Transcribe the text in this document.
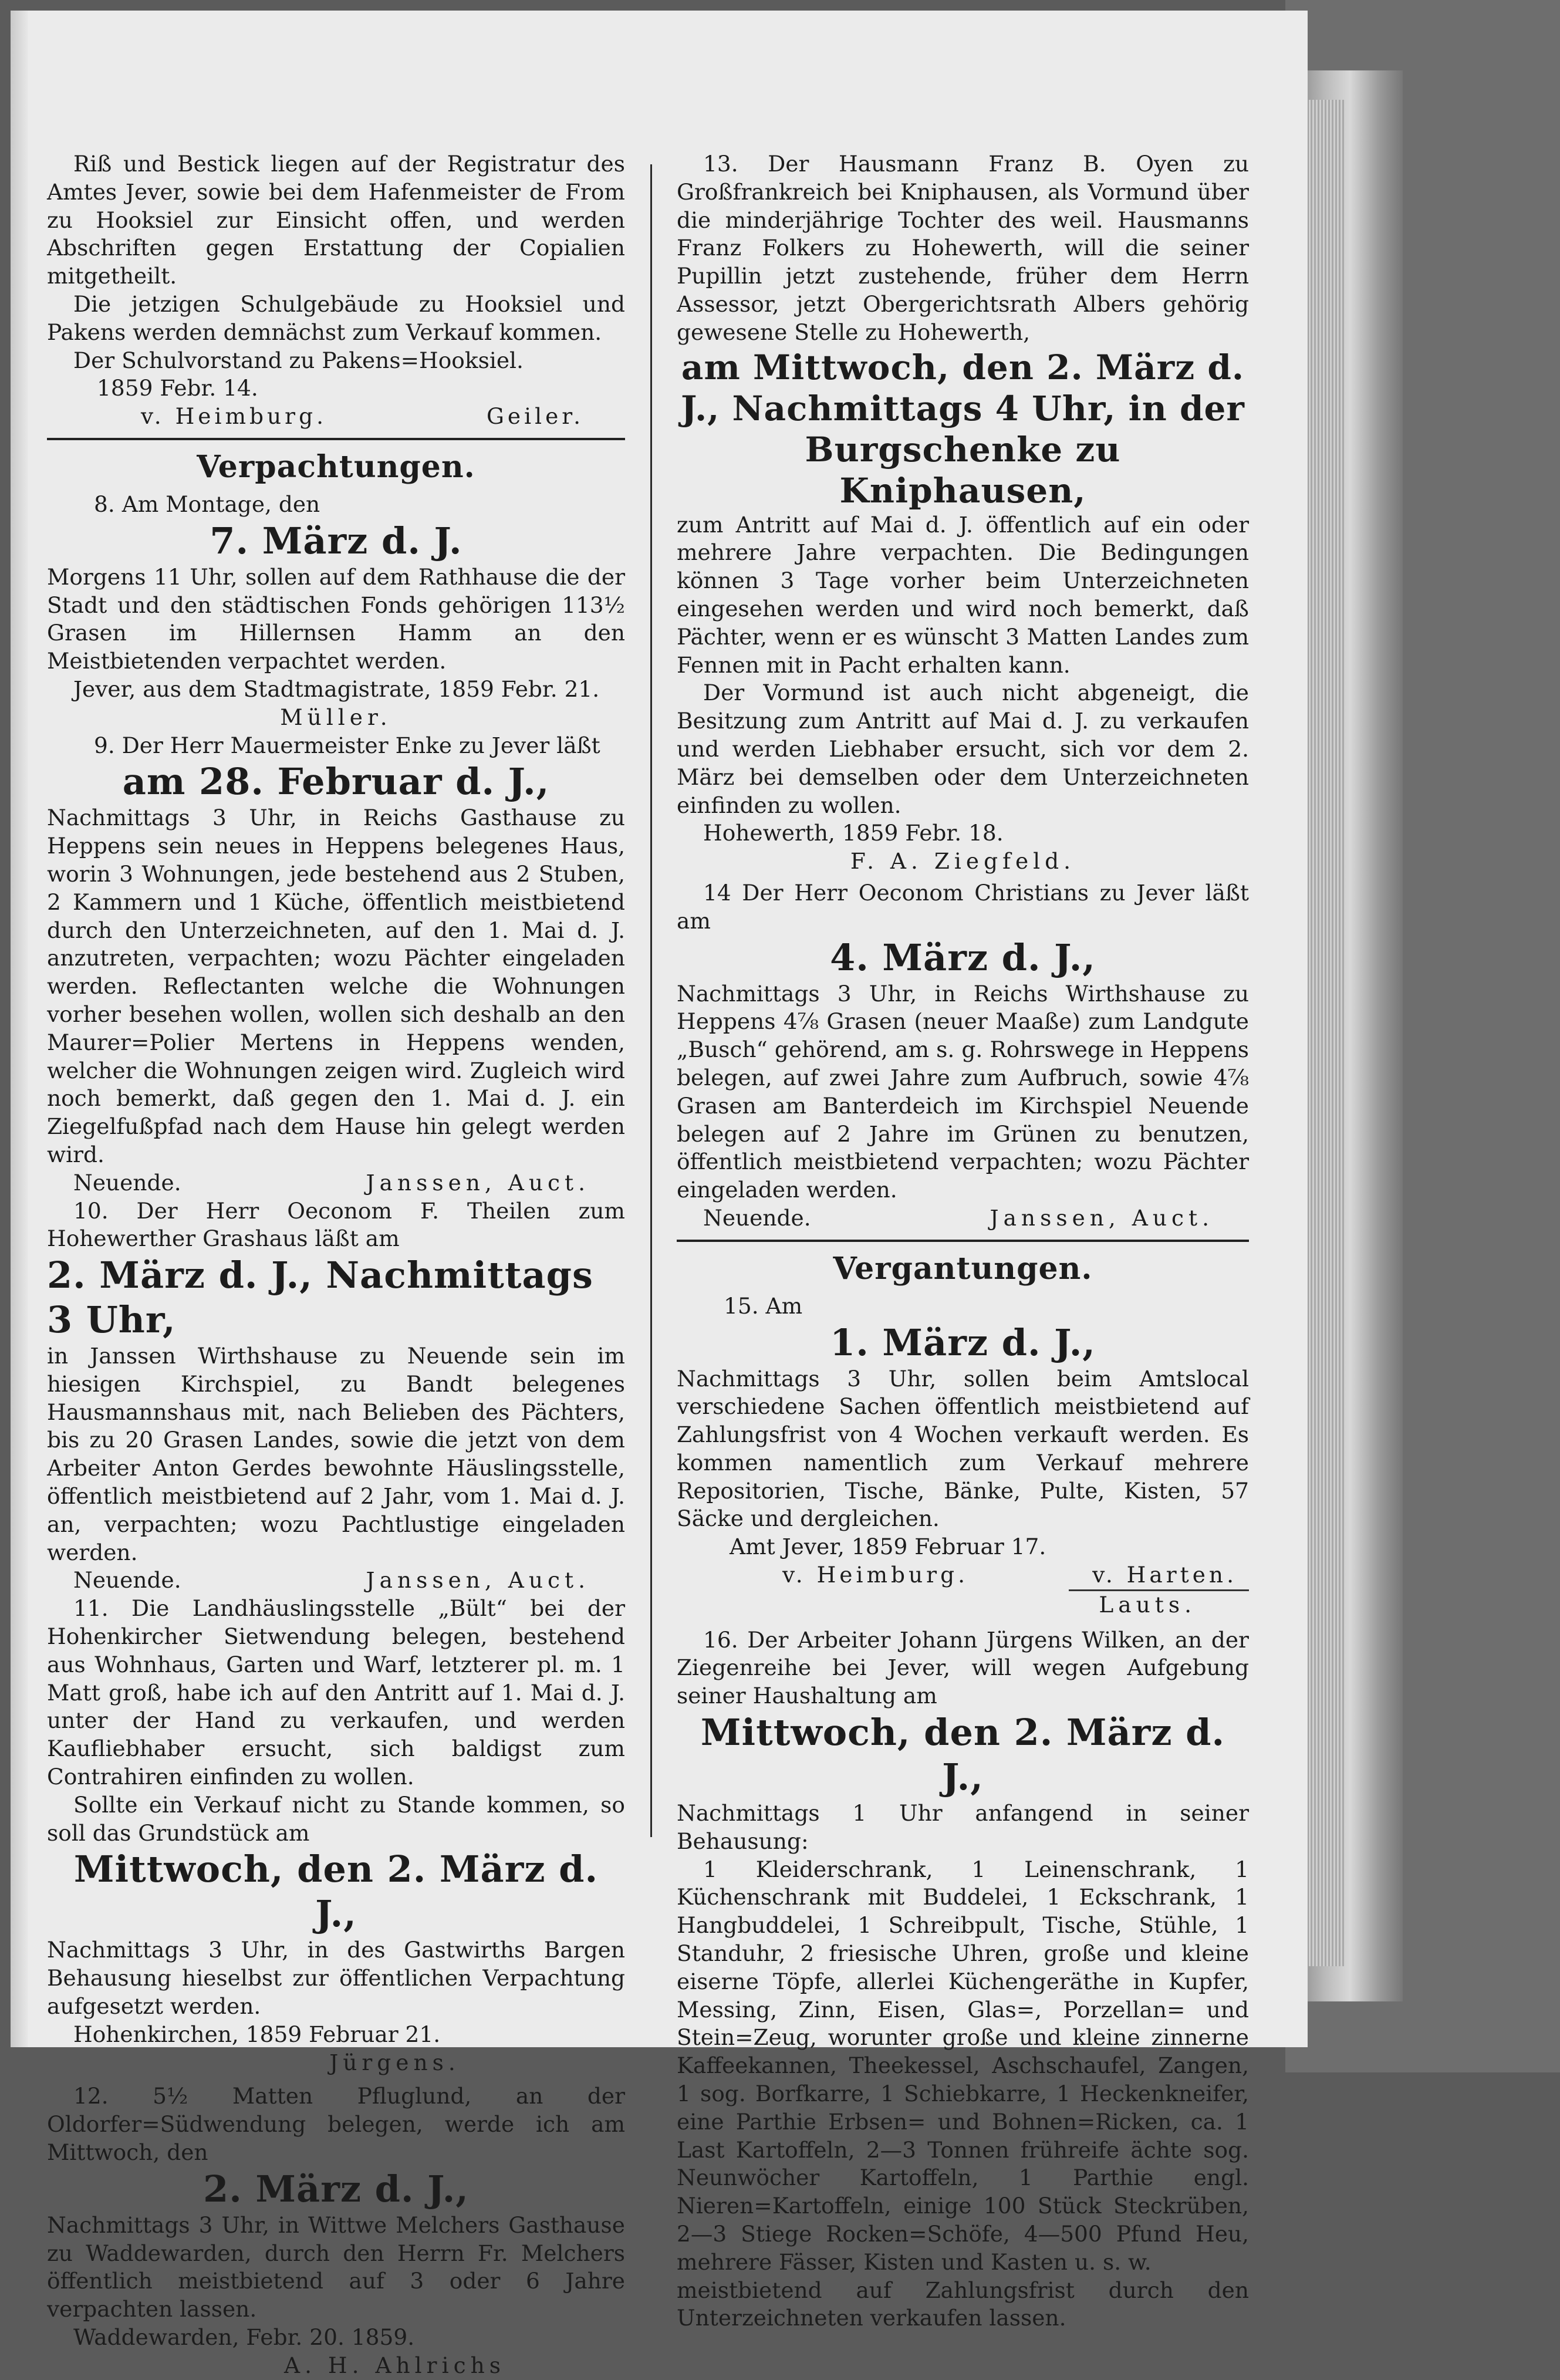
Riß und Bestick liegen auf der Registratur des Amtes Jever, sowie bei dem Hafenmeister de From zu Hooksiel zur Einsicht offen, und werden Abschriften gegen Erstattung der Copialien mitgetheilt.

Die jetzigen Schulgebäude zu Hooksiel und Pakens werden demnächst zum Verkauf kommen.

Der Schulvorstand zu Pakens=Hooksiel.

1859 Febr. 14.

v. Heimburg.	Geiler.
Verpachtungen.

8. Am Montage, den

7. März d. J.

Morgens 11 Uhr, sollen auf dem Rathhause die der Stadt und den städtischen Fonds gehörigen 113½ Grasen im Hillernsen Hamm an den Meistbietenden verpachtet werden.

Jever, aus dem Stadtmagistrate, 1859 Febr. 21.

Müller.

9. Der Herr Mauermeister Enke zu Jever läßt

am 28. Februar d. J.,

Nachmittags 3 Uhr, in Reichs Gasthause zu Heppens sein neues in Heppens belegenes Haus, worin 3 Wohnungen, jede bestehend aus 2 Stuben, 2 Kammern und 1 Küche, öffentlich meistbietend durch den Unterzeichneten, auf den 1. Mai d. J. anzutreten, verpachten; wozu Pächter eingeladen werden. Reflectanten welche die Wohnungen vorher besehen wollen, wollen sich deshalb an den Maurer=Polier Mertens in Heppens wenden, welcher die Wohnungen zeigen wird. Zugleich wird noch bemerkt, daß gegen den 1. Mai d. J. ein Ziegelfußpfad nach dem Hause hin gelegt werden wird.

Neuende.	Janssen, Auct.

10. Der Herr Oeconom F. Theilen zum Hohewerther Grashaus läßt am

2. März d. J., Nachmittags 3 Uhr,

in Janssen Wirthshause zu Neuende sein im hiesigen Kirchspiel, zu Bandt belegenes Hausmannshaus mit, nach Belieben des Pächters, bis zu 20 Grasen Landes, sowie die jetzt von dem Arbeiter Anton Gerdes bewohnte Häuslingsstelle, öffentlich meistbietend auf 2 Jahr, vom 1. Mai d. J. an, verpachten; wozu Pachtlustige eingeladen werden.

Neuende.	Janssen, Auct.

11. Die Landhäuslingsstelle „Bült“ bei der Hohenkircher Sietwendung belegen, bestehend aus Wohnhaus, Garten und Warf, letzterer pl. m. 1 Matt groß, habe ich auf den Antritt auf 1. Mai d. J. unter der Hand zu verkaufen, und werden Kaufliebhaber ersucht, sich baldigst zum Contrahiren einfinden zu wollen.

Sollte ein Verkauf nicht zu Stande kommen, so soll das Grundstück am

Mittwoch, den 2. März d. J.,

Nachmittags 3 Uhr, in des Gastwirths Bargen Behausung hieselbst zur öffentlichen Verpachtung aufgesetzt werden.

Hohenkirchen, 1859 Februar 21.

Jürgens.

12. 5½ Matten Pfluglund, an der Oldorfer=Südwendung belegen, werde ich am Mittwoch, den

2. März d. J.,

Nachmittags 3 Uhr, in Wittwe Melchers Gasthause zu Waddewarden, durch den Herrn Fr. Melchers öffentlich meistbietend auf 3 oder 6 Jahre verpachten lassen.

Waddewarden, Febr. 20. 1859.

A. H. Ahlrichs

13. Der Hausmann Franz B. Oyen zu Großfrankreich bei Kniphausen, als Vormund über die minderjährige Tochter des weil. Hausmanns Franz Folkers zu Hohewerth, will die seiner Pupillin jetzt zustehende, früher dem Herrn Assessor, jetzt Obergerichtsrath Albers gehörig gewesene Stelle zu Hohewerth,

am Mittwoch, den 2. März d. J., Nachmittags 4 Uhr, in der Burgschenke zu Kniphausen,

zum Antritt auf Mai d. J. öffentlich auf ein oder mehrere Jahre verpachten. Die Bedingungen können 3 Tage vorher beim Unterzeichneten eingesehen werden und wird noch bemerkt, daß Pächter, wenn er es wünscht 3 Matten Landes zum Fennen mit in Pacht erhalten kann.

Der Vormund ist auch nicht abgeneigt, die Besitzung zum Antritt auf Mai d. J. zu verkaufen und werden Liebhaber ersucht, sich vor dem 2. März bei demselben oder dem Unterzeichneten einfinden zu wollen.

Hohewerth, 1859 Febr. 18.

F. A. Ziegfeld.

14 Der Herr Oeconom Christians zu Jever läßt am

4. März d. J.,

Nachmittags 3 Uhr, in Reichs Wirthshause zu Heppens 4⅞ Grasen (neuer Maaße) zum Landgute „Busch“ gehörend, am s. g. Rohrswege in Heppens belegen, auf zwei Jahre zum Aufbruch, sowie 4⅞ Grasen am Banterdeich im Kirchspiel Neuende belegen auf 2 Jahre im Grünen zu benutzen, öffentlich meistbietend verpachten; wozu Pächter eingeladen werden.

Neuende.	Janssen, Auct.
Vergantungen.

15. Am

1. März d. J.,

Nachmittags 3 Uhr, sollen beim Amtslocal verschiedene Sachen öffentlich meistbietend auf Zahlungsfrist von 4 Wochen verkauft werden. Es kommen namentlich zum Verkauf mehrere Repositorien, Tische, Bänke, Pulte, Kisten, 57 Säcke und dergleichen.

Amt Jever, 1859 Februar 17.

v. Heimburg.	v. Harten.
Lauts.

16. Der Arbeiter Johann Jürgens Wilken, an der Ziegenreihe bei Jever, will wegen Aufgebung seiner Haushaltung am

Mittwoch, den 2. März d. J.,

Nachmittags 1 Uhr anfangend in seiner Behausung:

1 Kleiderschrank, 1 Leinenschrank, 1 Küchenschrank mit Buddelei, 1 Eckschrank, 1 Hangbuddelei, 1 Schreibpult, Tische, Stühle, 1 Standuhr, 2 friesische Uhren, große und kleine eiserne Töpfe, allerlei Küchengeräthe in Kupfer, Messing, Zinn, Eisen, Glas=, Porzellan= und Stein=Zeug, worunter große und kleine zinnerne Kaffeekannen, Theekessel, Aschschaufel, Zangen, 1 sog. Borfkarre, 1 Schiebkarre, 1 Heckenkneifer, eine Parthie Erbsen= und Bohnen=Ricken, ca. 1 Last Kartoffeln, 2—3 Tonnen frühreife ächte sog. Neunwöcher Kartoffeln, 1 Parthie engl. Nieren=Kartoffeln, einige 100 Stück Steckrüben, 2—3 Stiege Rocken=Schöfe, 4—500 Pfund Heu, mehrere Fässer, Kisten und Kasten u. s. w.

meistbietend auf Zahlungsfrist durch den Unterzeichneten verkaufen lassen.
